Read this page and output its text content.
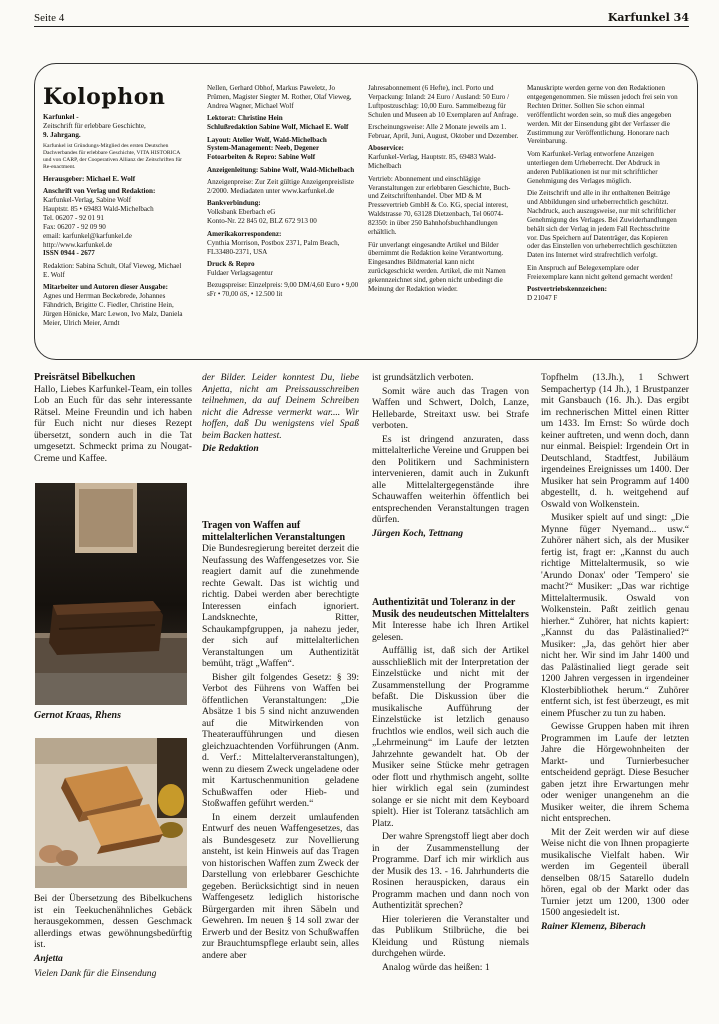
Seite 4	Karfunkel 34
Kolophon

Karfunkel -

Zeitschrift für erlebbare Geschichte,

9. Jahrgang.

Karfunkel ist Gründungs-Mitglied des ersten Deutschen Dachverbandes für erlebbare Geschichte, VITA HISTORICA und von CARP, der Cooperativen Allianz der Zeitschriften für Re-enactment.

Herausgeber: Michael E. Wolf

Anschrift von Verlag und Redaktion:

Karfunkel-Verlag, Sabine Wolf

Hauptstr. 85 • 69483 Wald-Michelbach

Tel. 06207 - 92 01 91

Fax: 06207 - 92 09 90

email: karfunkel@karfunkel.de

http://www.karfunkel.de

ISSN 0944 - 2677

Redaktion: Sabina Schult, Olaf Vieweg, Michael E. Wolf

Mitarbeiter und Autoren dieser Ausgabe:

Agnes und Herrman Beckebrede, Johannes Fähndrich, Brigitte C. Fiedler, Christine Hein, Jürgen Hönicke, Marc Lewon, Ivo Malz, Daniela Meier, Ulrich Meier, Arndt

Nellen, Gerhard Obhof, Markus Paweletz, Jo Prümen, Magister Siegter M. Rother, Olaf Vieweg, Andrea Wagner, Michael Wolf

Lektorat: Christine Hein

Schlußredaktion Sabine Wolf, Michael E. Wolf

Layout: Atelier Wolf, Wald-Michelbach

System-Management: Neeb, Degener

Fotoarbeiten & Repro: Sabine Wolf

Anzeigenleitung: Sabine Wolf, Wald-Michelbach

Anzeigenpreise: Zur Zeit gültige Anzeigenpreisliste 2/2000. Mediadaten unter www.karfunkel.de

Bankverbindung:

Volksbank Eberbach eG

Konto-Nr. 22 845 02, BLZ 672 913 00

Amerikakorrespondenz:

Cynthia Morrison, Postbox 2371, Palm Beach, FL33480-2371, USA

Druck & Repro

Fuldaer Verlagsagentur

Bezugspreise: Einzelpreis: 9,00 DM/4,60 Euro • 9,00 sFr • 70,00 öS, • 12.500 lit

Jahresabonnement (6 Hefte), incl. Porto und Verpackung: Inland: 24 Euro / Ausland: 50 Euro / Luftpostzuschlag: 10,00 Euro. Sammelbezug für Schulen und Museen ab 10 Exemplaren auf Anfrage.

Erscheinungsweise: Alle 2 Monate jeweils am 1. Februar, April, Juni, August, Oktober und Dezember.

Aboservice:

Karfunkel-Verlag, Hauptstr. 85, 69483 Wald-Michelbach

Vertrieb: Abonnement und einschlägige Veranstaltungen zur erlebbaren Geschichte, Buch- und Zeitschriftenhandel. Über MD & M Pressevertrieb GmbH & Co. KG, special interest, Waldstrasse 70, 63128 Dietzenbach, Tel 06074-82350: in über 250 Bahnhofsbuchhandlungen erhältlich.

Für unverlangt eingesandte Artikel und Bilder übernimmt die Redaktion keine Verantwortung. Eingesandtes Bildmaterial kann nicht zurückgeschickt werden. Artikel, die mit Namen gekennzeichnet sind, geben nicht unbedingt die Meinung der Redaktion wieder.

Manuskripte werden gerne von den Redaktionen entgegengenommen. Sie müssen jedoch frei sein von Rechten Dritter. Sollten Sie schon einmal veröffentlicht worden sein, so muß dies angegeben werden. Mit der Einsendung gibt der Verfasser die Zustimmung zur Veröffentlichung. Honorare nach Vereinbarung.

Vom Karfunkel-Verlag entworfene Anzeigen unterliegen dem Urheberrecht. Der Abdruck in anderen Publikationen ist nur mit schriftlicher Genehmigung des Verlages möglich.

Die Zeitschrift und alle in ihr enthaltenen Beiträge und Abbildungen sind urheberrechtlich geschützt. Nachdruck, auch auszugsweise, nur mit schriftlicher Genehmigung des Verlages. Bei Zuwiderhandlungen behält sich der Verlag in jedem Fall Rechtsschritte vor. Das Speichern auf Datenträger, das Kopieren oder das Einstellen von urheberrechtlich geschützten Daten ins Internet wird strafrechtlich verfolgt.

Ein Anspruch auf Belegexemplare oder Freiexemplare kann nicht geltend gemacht werden!

Postvertriebskennzeichen:

D 21047 F

Preisrätsel Bibelkuchen

Hallo, Liebes Karfunkel-Team, ein tolles Lob an Euch für das sehr interessante Rätsel. Meine Freundin und ich haben für Euch nicht nur dieses Rezept übersetzt, sondern auch in die Tat umgesetzt. Schmeckt prima zu Nougat-Creme und Kaffee.

Gernot Kraas, Rhens

Bei der Übersetzung des Bibelkuchens ist ein Teekuchenähnliches Gebäck herausgekommen, dessen Geschmack allerdings etwas gewöhnungsbedürftig ist.

Anjetta

Vielen Dank für die Einsendung

der Bilder. Leider konntest Du, liebe Anjetta, nicht am Preissausschreiben teilnehmen, da auf Deinem Schreiben nicht die Adresse vermerkt war.... Wir hoffen, daß Du wenigstens viel Spaß beim Backen hattest.

Die Redaktion

Tragen von Waffen auf mittelalterlichen Veranstaltungen

Die Bundesregierung bereitet derzeit die Neufassung des Waffengesetzes vor. Sie reagiert damit auf die zunehmende rechte Gewalt. Das ist wichtig und richtig. Dabei werden aber berechtigte Interessen einfach ignoriert. Landsknechte, Ritter, Schaukampfgruppen, ja nahezu jeder, der sich auf mittelalterlichen Veranstaltungen um Authentizität bemüht, trägt „Waffen“.

Bisher gilt folgendes Gesetz: § 39: Verbot des Führens von Waffen bei öffentlichen Veranstaltungen: „Die Absätze 1 bis 5 sind nicht anzuwenden auf die Mitwirkenden von Theateraufführungen und diesen gleichzuachtenden Vorführungen (Anm. d. Verf.: Mittelalterveranstaltungen), wenn zu diesem Zweck ungeladene oder mit Kartuschenmunition geladene Schußwaffen oder Hieb- und Stoßwaffen geführt werden.“

In einem derzeit umlaufenden Entwurf des neuen Waffengesetzes, das als Bundesgesetz zur Novellierung ansteht, ist kein Hinweis auf das Tragen von historischen Waffen zum Zweck der Darstellung von erlebbarer Geschichte gegeben. Berücksichtigt sind in neuen Waffengesetz lediglich historische Bürgergarden mit ihren Säbeln und Gewehren. Im neuen § 14 soll zwar der Erwerb und der Besitz von Schußwaffen zur Brauchtumspflege erlaubt sein, alles andere aber

ist grundsätzlich verboten.

Somit wäre auch das Tragen von Waffen und Schwert, Dolch, Lanze, Hellebarde, Streitaxt usw. bei Strafe verboten.

Es ist dringend anzuraten, dass mittelalterliche Vereine und Gruppen bei den Politikern und Sachministern intervenieren, damit auch in Zukunft alle Mittelaltergegenstände ihre Schauwaffen weiterhin öffentlich bei entsprechenden Veranstaltungen tragen dürfen.

Jürgen Koch, Tettnang

Authentizität und Toleranz in der Musik des neudeutschen Mittelalters

Mit Interesse habe ich Ihren Artikel gelesen.

Auffällig ist, daß sich der Artikel ausschließlich mit der Interpretation der Einzelstücke und nicht mit der Zusammenstellung der Programme befaßt. Die Diskussion über die musikalische Aufführung der Einzelstücke ist letzlich genauso fruchtlos wie endlos, weil sich auch die „Lehrmeinung“ im Laufe der letzten Jahrzehnte gewandelt hat. Ob der Musiker seine Stücke mehr getragen oder flott und rhythmisch angeht, sollte hier wirklich egal sein (zumindest solange er sie nicht mit dem Keyboard spielt). Hier ist Toleranz tatsächlich am Platz.

Der wahre Sprengstoff liegt aber doch in der Zusammenstellung der Programme. Darf ich mir wirklich aus der Musik des 13. - 16. Jahrhunderts die Rosinen herauspicken, daraus ein Programm machen und dann noch von Authentizität sprechen?

Hier tolerieren die Veranstalter und das Publikum Stilbrüche, die bei Kleidung und Rüstung niemals durchgehen würde.

Analog würde das heißen: 1

Topfhelm (13.Jh.), 1 Schwert Sempachertyp (14 Jh.), 1 Brustpanzer mit Gansbauch (16. Jh.). Das ergibt im rechnerischen Mittel einen Ritter um 1433. Im Ernst: So würde doch keiner auftreten, und wenn doch, dann nur einmal. Beispiel: Irgendein Ort in Deutschland, Stadtfest, Jubiläum irgendeines Ereignisses um 1400. Der Musiker hat sein Programm auf 1400 abgestellt, d. h. weitgehend auf Oswald von Wolkenstein.

Musiker spielt auf und singt: „Die Mynne fügeт Nyemand... usw.“ Zuhörer nähert sich, als der Musiker fertig ist, fragt er: „Kannst du auch richtige Mittelaltermusik, so wie 'Arundo Donax' oder 'Tempero' sie macht?“ Musiker: „Das war richtige Mittelaltermusik. Oswald von Wolkenstein. Paßt zeitlich genau hierher.“ Zuhörer, hat nichts kapiert: „Kannst du das Palästinalied?“ Musiker: „Ja, das gehört hier aber nicht her. Wir sind im Jahr 1400 und das Palästinalied liegt gerade seit 1200 Jahren vergessen in irgendeiner Klosterbibliothek herum.“ Zuhörer entfernt sich, ist fest überzeugt, es mit einem Pfuscher zu tun zu haben.

Gewisse Gruppen haben mit ihren Programmen im Laufe der letzten Jahre die Hörgewohnheiten der Markt- und Turnierbesucher entscheidend geprägt. Diese Besucher gaben jetzt ihre Erwartungen mehr oder weniger unangenehm an die Musiker weiter, die ihrem Schema nicht entsprechen.

Mit der Zeit werden wir auf diese Weise nicht die von Ihnen propagierte musikalische Vielfalt haben. Wir werden im Gegenteil überall denselben 08/15 Satarello dudeln hören, egal ob der Markt oder das Turnier jetzt um 1200, 1300 oder 1500 angesiedelt ist.

Rainer Klemenz, Biberach
